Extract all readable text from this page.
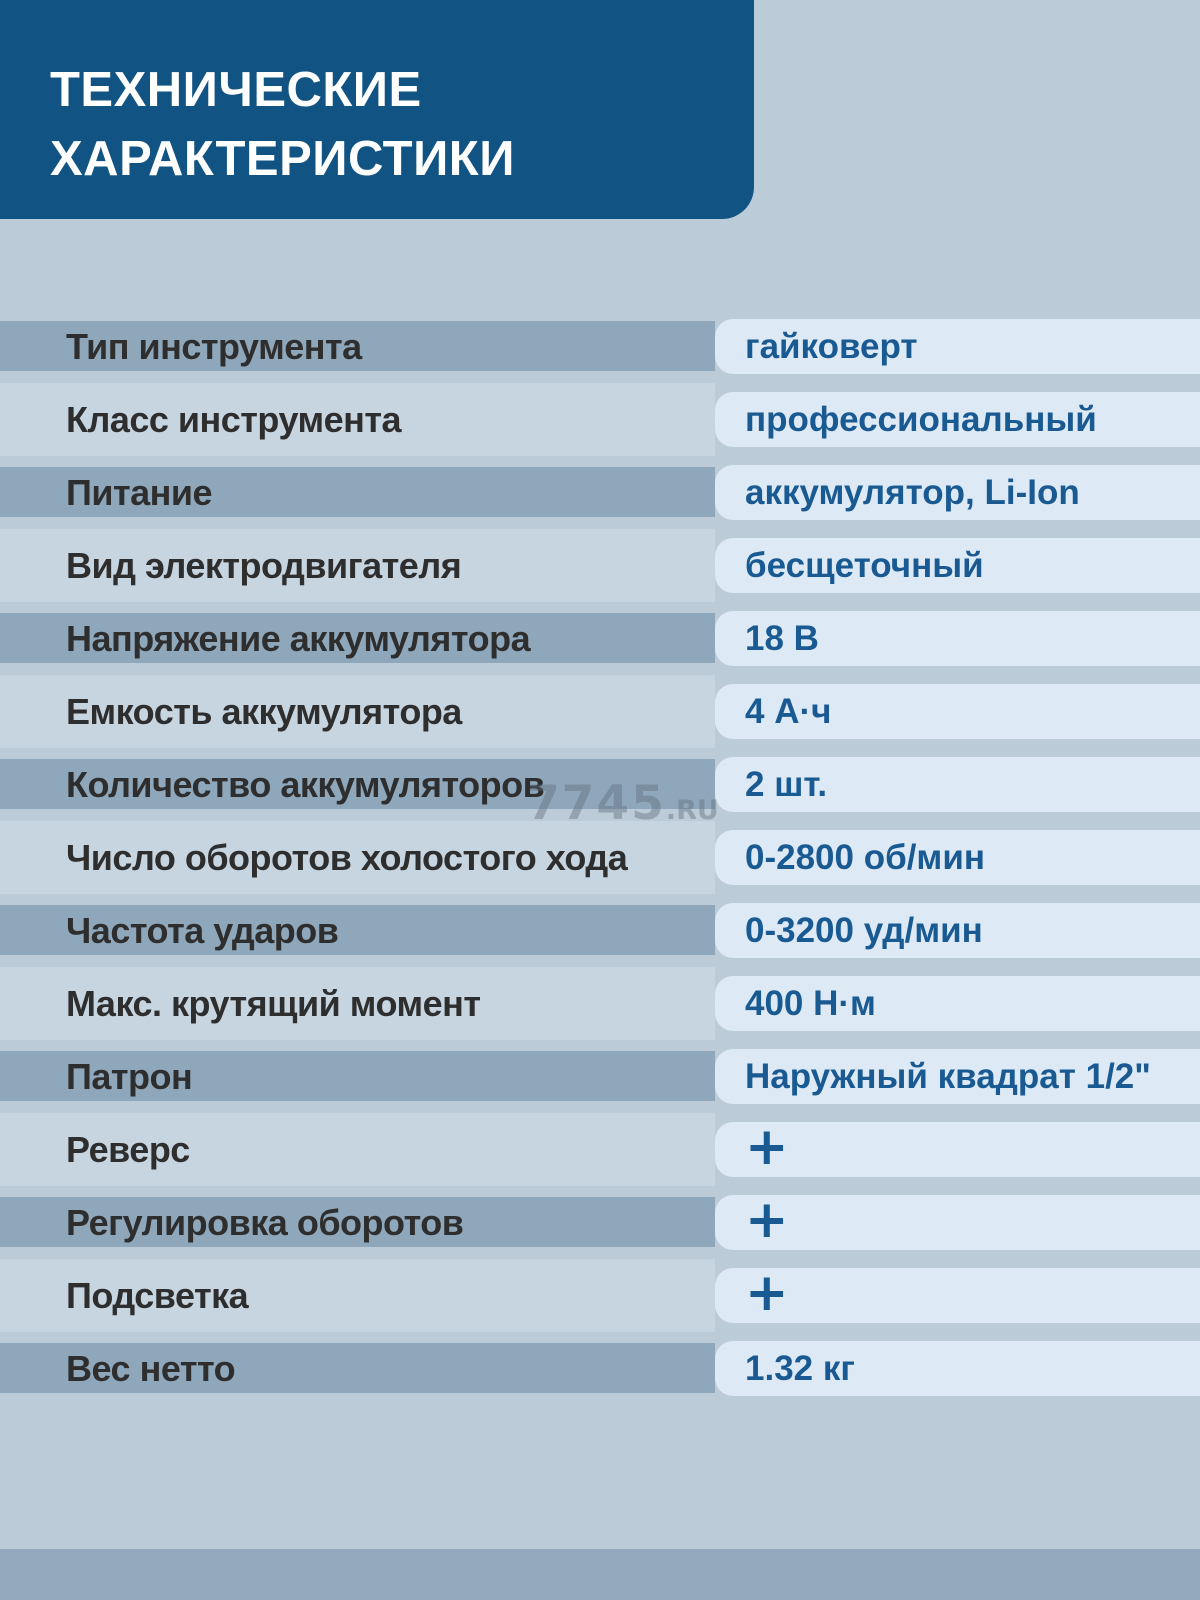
ТЕХНИЧЕСКИЕ
ХАРАКТЕРИСТИКИ
Тип инструмента	гайковерт
Класс инструмента	профессиональный
Питание	аккумулятор, Li-Ion
Вид электродвигателя	бесщеточный
Напряжение аккумулятора	18 В
Емкость аккумулятора	4 А·ч
Количество аккумуляторов	2 шт.
Число оборотов холостого хода	0-2800 об/мин
Частота ударов	0-3200 уд/мин
Макс. крутящий момент	400 Н·м
Патрон	Наружный квадрат 1/2"
Реверс	+
Регулировка оборотов	+
Подсветка	+
Вес нетто	1.32 кг
7745 .RU
